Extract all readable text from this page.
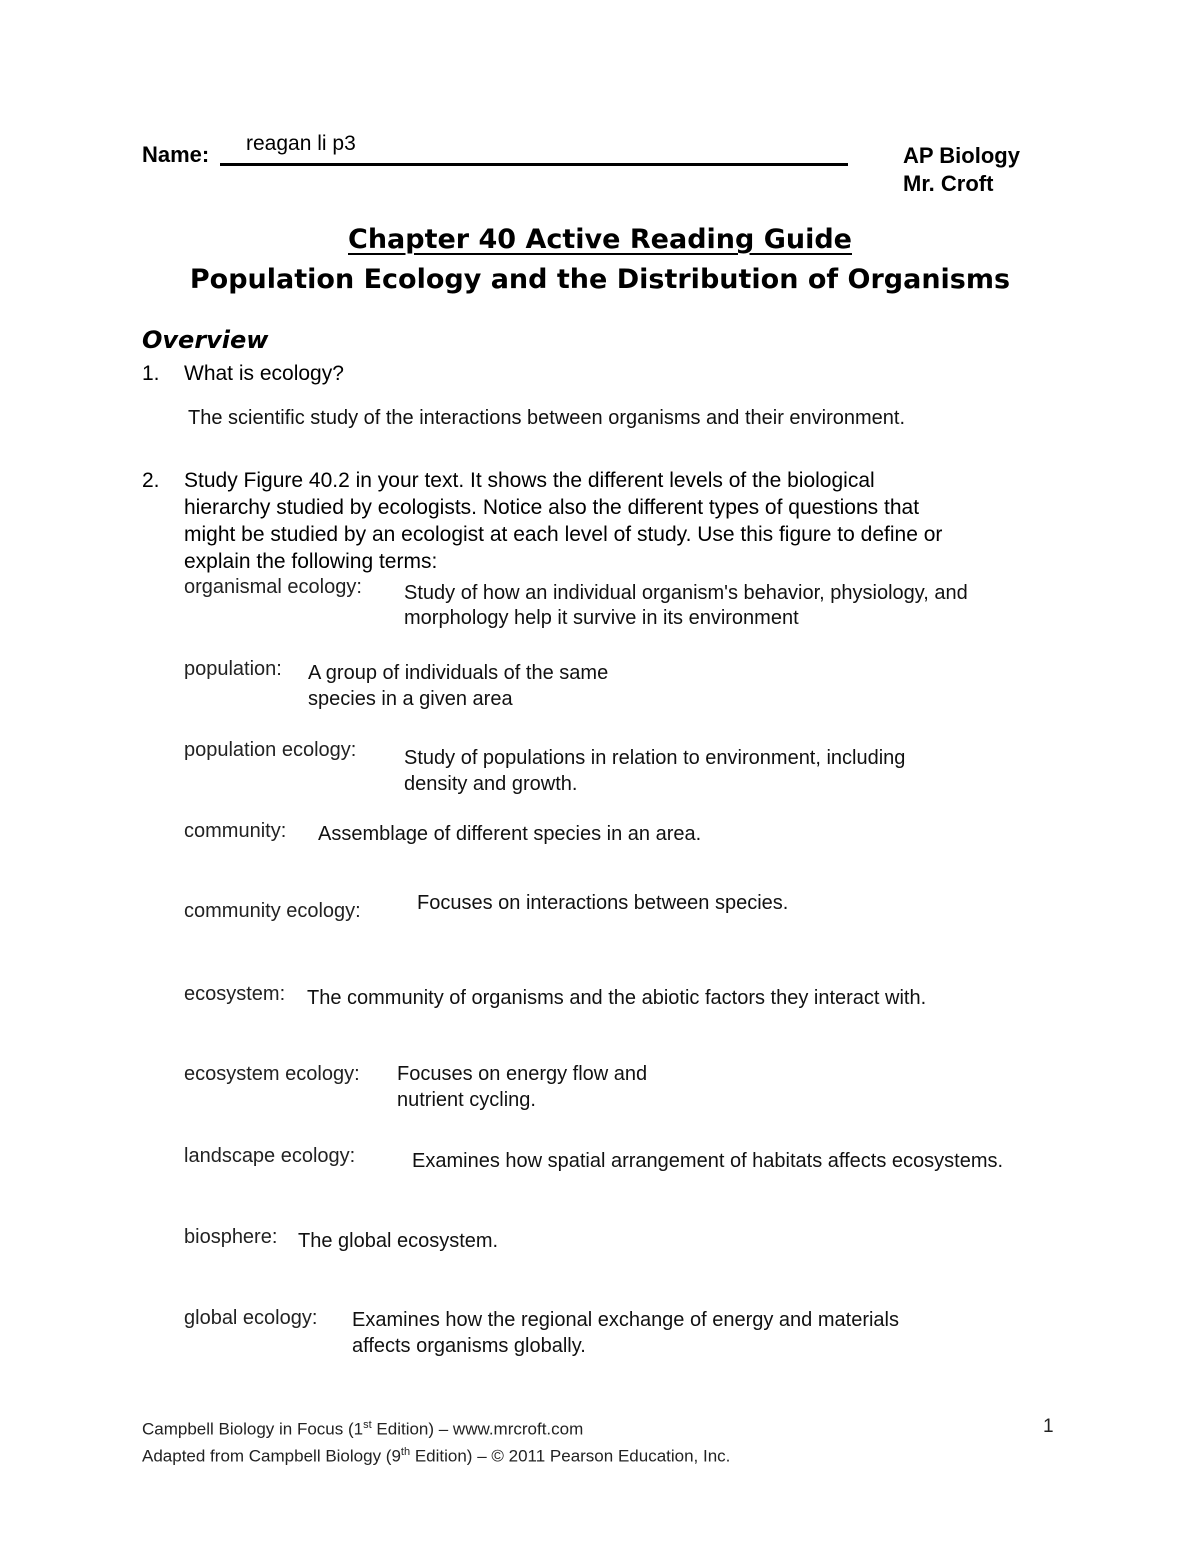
Name: reagan li p3	AP Biology
Mr. Croft
Chapter 40 Active Reading Guide
Population Ecology and the Distribution of Organisms
Overview
1. What is ecology?
The scientific study of the interactions between organisms and their environment.
2. Study Figure 40.2 in your text. It shows the different levels of the biological
hierarchy studied by ecologists. Notice also the different types of questions that
might be studied by an ecologist at each level of study. Use this figure to define or
explain the following terms:
organismal ecology: Study of how an individual organism's behavior, physiology, and
morphology help it survive in its environment
population: A group of individuals of the same
species in a given area
population ecology: Study of populations in relation to environment, including
density and growth.
community: Assemblage of different species in an area.
community ecology:	Focuses on interactions between species.
ecosystem: The community of organisms and the abiotic factors they interact with.
ecosystem ecology: Focuses on energy flow and
nutrient cycling.
landscape ecology:	Examines how spatial arrangement of habitats affects ecosystems.
biosphere: The global ecosystem.
global ecology: Examines how the regional exchange of energy and materials
affects organisms globally.
Campbell Biology in Focus (1st Edition) – www.mrcroft.com
Adapted from Campbell Biology (9th Edition) – © 2011 Pearson Education, Inc.
1
